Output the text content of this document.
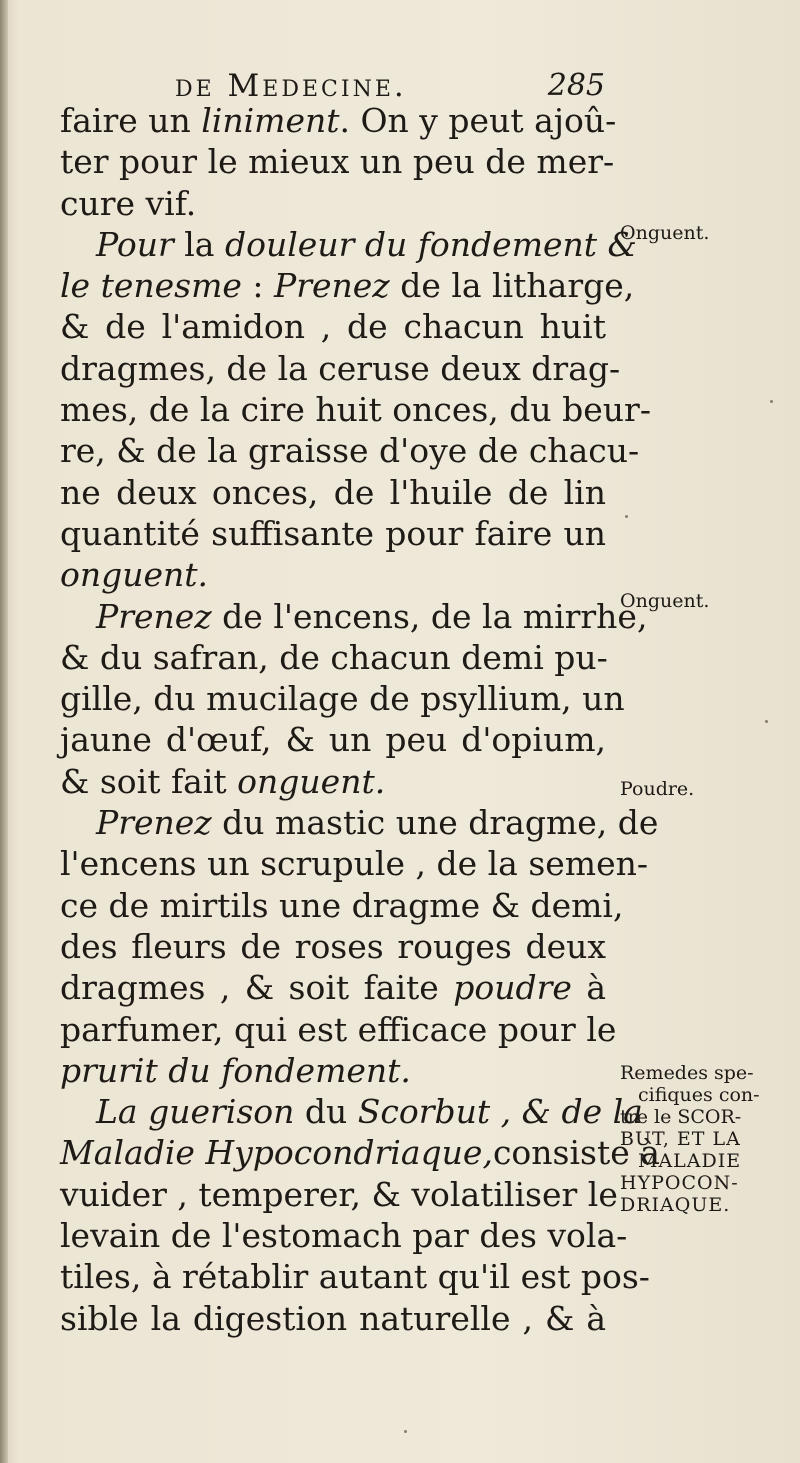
de Medecine.	285
faire un liniment. On y peut ajoû-
ter pour le mieux un peu de mer-
cure vif.
Pour la douleur du fondement &
le tenesme : Prenez de la litharge,
& de l'amidon , de chacun huit
dragmes, de la ceruse deux drag-
mes, de la cire huit onces, du beur-
re, & de la graisse d'oye de chacu-
ne deux onces, de l'huile de lin
quantité suffisante pour faire un
onguent.
Prenez de l'encens, de la mirrhe,
& du safran, de chacun demi pu-
gille, du mucilage de psyllium, un
jaune d'œuf, & un peu d'opium,
& soit fait onguent.
Prenez du mastic une dragme, de
l'encens un scrupule , de la semen-
ce de mirtils une dragme & demi,
des fleurs de roses rouges deux
dragmes , & soit faite poudre à
parfumer, qui est efficace pour le
prurit du fondement.
La guerison du Scorbut , & de la
Maladie Hypocondriaque,consiste à
vuider , temperer, & volatiliser le
levain de l'estomach par des vola-
tiles, à rétablir autant qu'il est pos-
sible la digestion naturelle , & à
Onguent.
Onguent.
Poudre.
Remedes spe-
cifiques con-
tre le SCOR-
BUT, ET LA
MALADIE
HYPOCON-
DRIAQUE.
